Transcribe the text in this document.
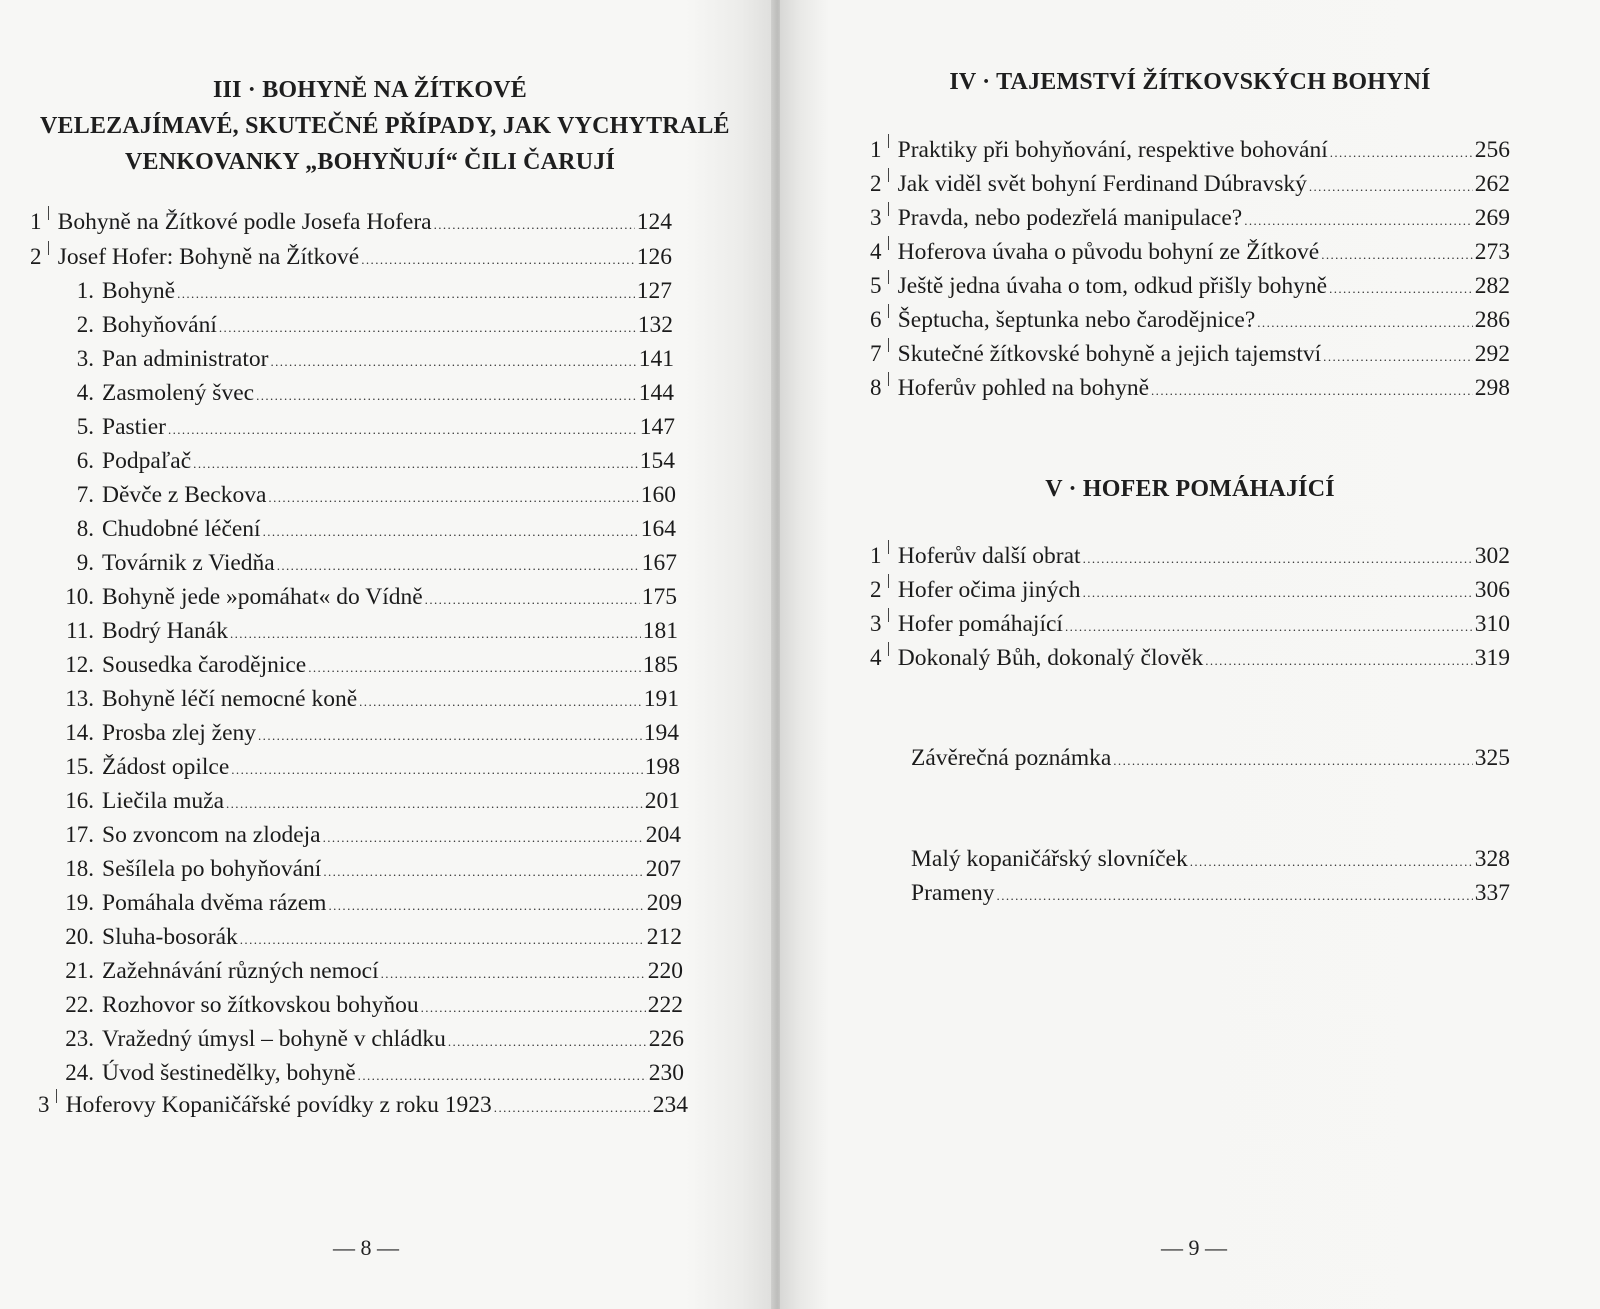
III · BOHYNĚ NA ŽÍTKOVÉ
VELEZAJÍMAVÉ, SKUTEČNÉ PŘÍPADY, JAK VYCHYTRALÉ
VENKOVANKY „BOHYŇUJÍ“ ČILI ČARUJÍ
1 Bohyně na Žítkové podle Josefa Hofera .....	124
2 Josef Hofer: Bohyně na Žítkové .....	126
1. Bohyně .....	127
2. Bohyňování .....	132
3. Pan administrator .....	141
4. Zasmolený švec .....	144
5. Pastier .....	147
6. Podpaľač .....	154
7. Děvče z Beckova .....	160
8. Chudobné léčení .....	164
9. Továrnik z Viedňa .....	167
10. Bohyně jede »pomáhat« do Vídně .....	175
11. Bodrý Hanák .....	181
12. Sousedka čarodějnice .....	185
13. Bohyně léčí nemocné koně .....	191
14. Prosba zlej ženy .....	194
15. Žádost opilce .....	198
16. Liečila muža .....	201
17. So zvoncom na zlodeja .....	204
18. Sešílela po bohyňování .....	207
19. Pomáhala dvěma rázem .....	209
20. Sluha-bosorák .....	212
21. Zažehnávání různých nemocí .....	220
22. Rozhovor so žítkovskou bohyňou .....	222
23. Vražedný úmysl – bohyně v chládku .....	226
24. Úvod šestinedělky, bohyně .....	230
3 Hoferovy Kopaničářské povídky z roku 1923 .....	234
— 8 —
IV · TAJEMSTVÍ ŽÍTKOVSKÝCH BOHYNÍ
1 Praktiky při bohyňování, respektive bohování .....	256
2 Jak viděl svět bohyní Ferdinand Dúbravský .....	262
3 Pravda, nebo podezřelá manipulace? .....	269
4 Hoferova úvaha o původu bohyní ze Žítkové .....	273
5 Ještě jedna úvaha o tom, odkud přišly bohyně .....	282
6 Šeptucha, šeptunka nebo čarodějnice? .....	286
7 Skutečné žítkovské bohyně a jejich tajemství .....	292
8 Hoferův pohled na bohyně .....	298
V · HOFER POMÁHAJÍCÍ
1 Hoferův další obrat .....	302
2 Hofer očima jiných .....	306
3 Hofer pomáhající .....	310
4 Dokonalý Bůh, dokonalý člověk .....	319
Závěrečná poznámka .....	325
Malý kopaničářský slovníček .....	328
Prameny .....	337
— 9 —
